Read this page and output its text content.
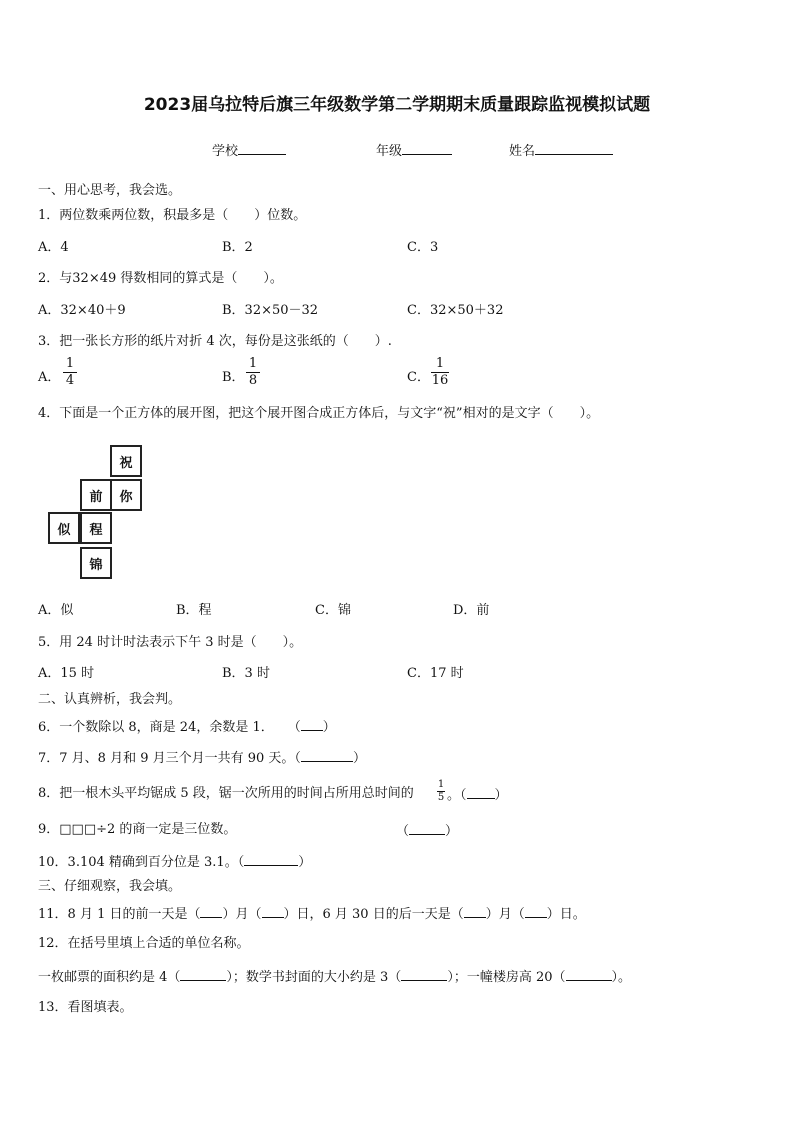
2023届乌拉特后旗三年级数学第二学期期末质量跟踪监视模拟试题
学校	年级	姓名
一、用心思考，我会选。
1．两位数乘两位数，积最多是（　　）位数。
A．4	B．2	C．3
2．与32×49 得数相同的算式是（　　）。
A．32×40＋9	B．32×50－32	C．32×50＋32
3．把一张长方形的纸片对折 4 次，每份是这张纸的（　　）.
A．
1
4	B．
1
8	C．
1
16
4．下面是一个正方体的展开图，把这个展开图合成正方体后，与文字“祝”相对的是文字（　　）。
祝
前	你
似	程
锦
A．似	B．程	C．锦	D．前
5．用 24 时计时法表示下午 3 时是（　　）。
A．15 时	B．3 时	C．17 时
二、认真辨析，我会判。
6．一个数除以 8，商是 24，余数是 1． （ ）
7．7 月、8 月和 9 月三个月一共有 90 天。（	）
8．把一根木头平均锯成 5 段，锯一次所用的时间占所用总时间的
1
5 。（ ）
9．□□□÷2 的商一定是三位数。	（	）
10．3.104 精确到百分位是 3.1。（	）
三、仔细观察，我会填。
11．8 月 1 日的前一天是（ ）月（ ）日，6 月 30 日的后一天是（ ）月（ ）日。
12．在括号里填上合适的单位名称。
一枚邮票的面积约是 4（	）；数学书封面的大小约是 3（	）；一幢楼房高 20（	）。
13．看图填表。
